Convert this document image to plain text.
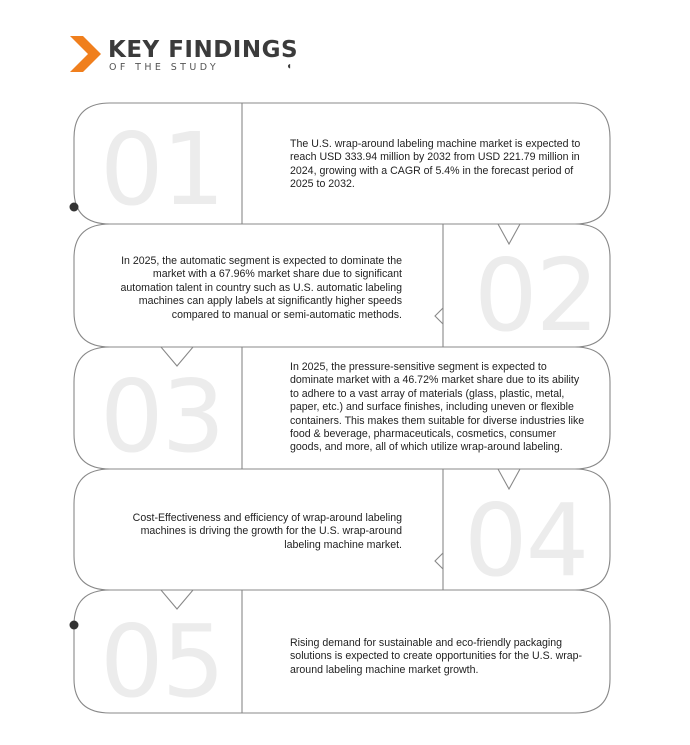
KEY FINDINGS
OF THE STUDY	◖
01
02
03
04
05
The U.S. wrap-around labeling machine market is expected to reach USD 333.94 million by 2032 from USD 221.79 million in 2024, growing with a CAGR of 5.4% in the forecast period of 2025 to 2032.
In 2025, the automatic segment is expected to dominate the market with a 67.96% market share due to significant automation talent in country such as U.S. automatic labeling machines can apply labels at significantly higher speeds compared to manual or semi-automatic methods.
In 2025, the pressure-sensitive segment is expected to dominate market with a 46.72% market share due to its ability to adhere to a vast array of materials (glass, plastic, metal, paper, etc.) and surface finishes, including uneven or flexible containers. This makes them suitable for diverse industries like food & beverage, pharmaceuticals, cosmetics, consumer goods, and more, all of which utilize wrap-around labeling.
Cost-Effectiveness and efficiency of wrap-around labeling machines is driving the growth for the U.S. wrap-around labeling machine market.
Rising demand for sustainable and eco-friendly packaging solutions is expected to create opportunities for the U.S. wrap-around labeling machine market growth.
